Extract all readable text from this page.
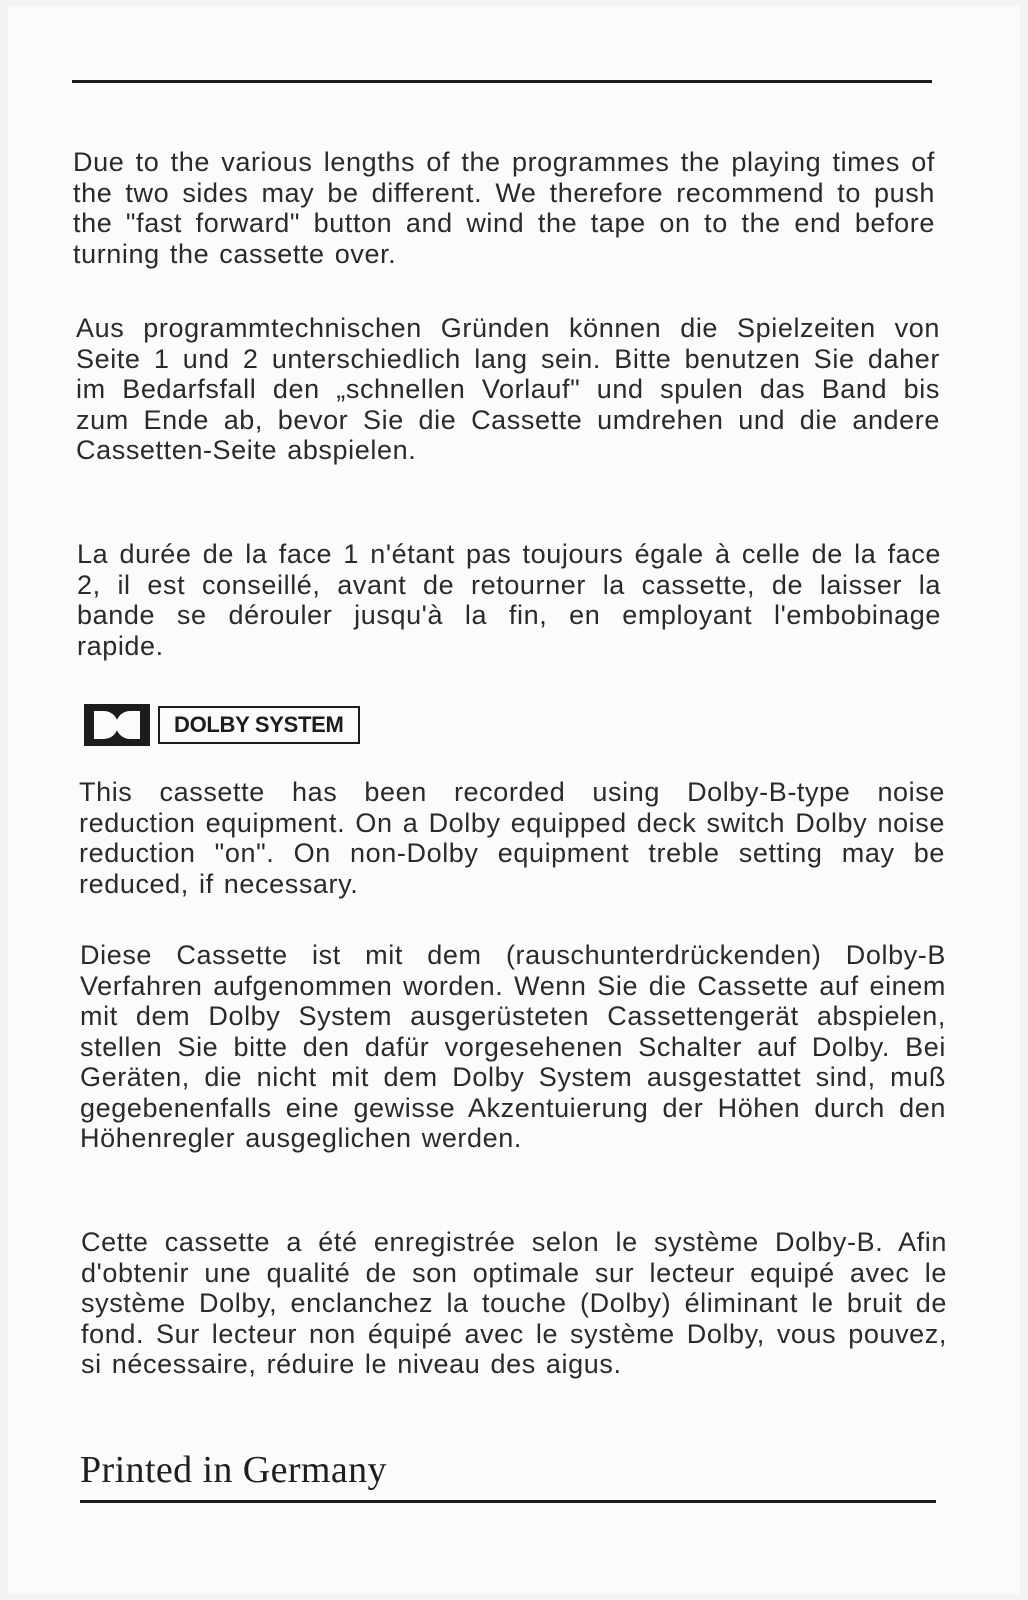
Due to the various lengths of the programmes the playing times of the two sides may be different. We therefore recommend to push the "fast forward" button and wind the tape on to the end before turning the cassette over.

Aus programmtechnischen Gründen können die Spielzeiten von Seite 1 und 2 unterschiedlich lang sein. Bitte benutzen Sie daher im Bedarfsfall den „schnellen Vorlauf" und spulen das Band bis zum Ende ab, bevor Sie die Cassette umdrehen und die andere Cassetten-Seite abspielen.

La durée de la face 1 n'étant pas toujours égale à celle de la face 2, il est conseillé, avant de retourner la cassette, de laisser la bande se dérouler jusqu'à la fin, en employant l'embobinage rapide.

DOLBY SYSTEM

This cassette has been recorded using Dolby-B-type noise reduction equipment. On a Dolby equipped deck switch Dolby noise reduction "on". On non-Dolby equipment treble setting may be reduced, if necessary.

Diese Cassette ist mit dem (rauschunterdrückenden) Dolby-B Verfahren aufgenommen worden. Wenn Sie die Cassette auf einem mit dem Dolby System ausgerüsteten Cassettengerät abspielen, stellen Sie bitte den dafür vorgesehenen Schalter auf Dolby. Bei Geräten, die nicht mit dem Dolby System ausgestattet sind, muß gegebenenfalls eine gewisse Akzentuierung der Höhen durch den Höhenregler ausgeglichen werden.

Cette cassette a été enregistrée selon le système Dolby-B. Afin d'obtenir une qualité de son optimale sur lecteur equipé avec le système Dolby, enclanchez la touche (Dolby) éliminant le bruit de fond. Sur lecteur non équipé avec le système Dolby, vous pouvez, si nécessaire, réduire le niveau des aigus.

Printed in Germany
